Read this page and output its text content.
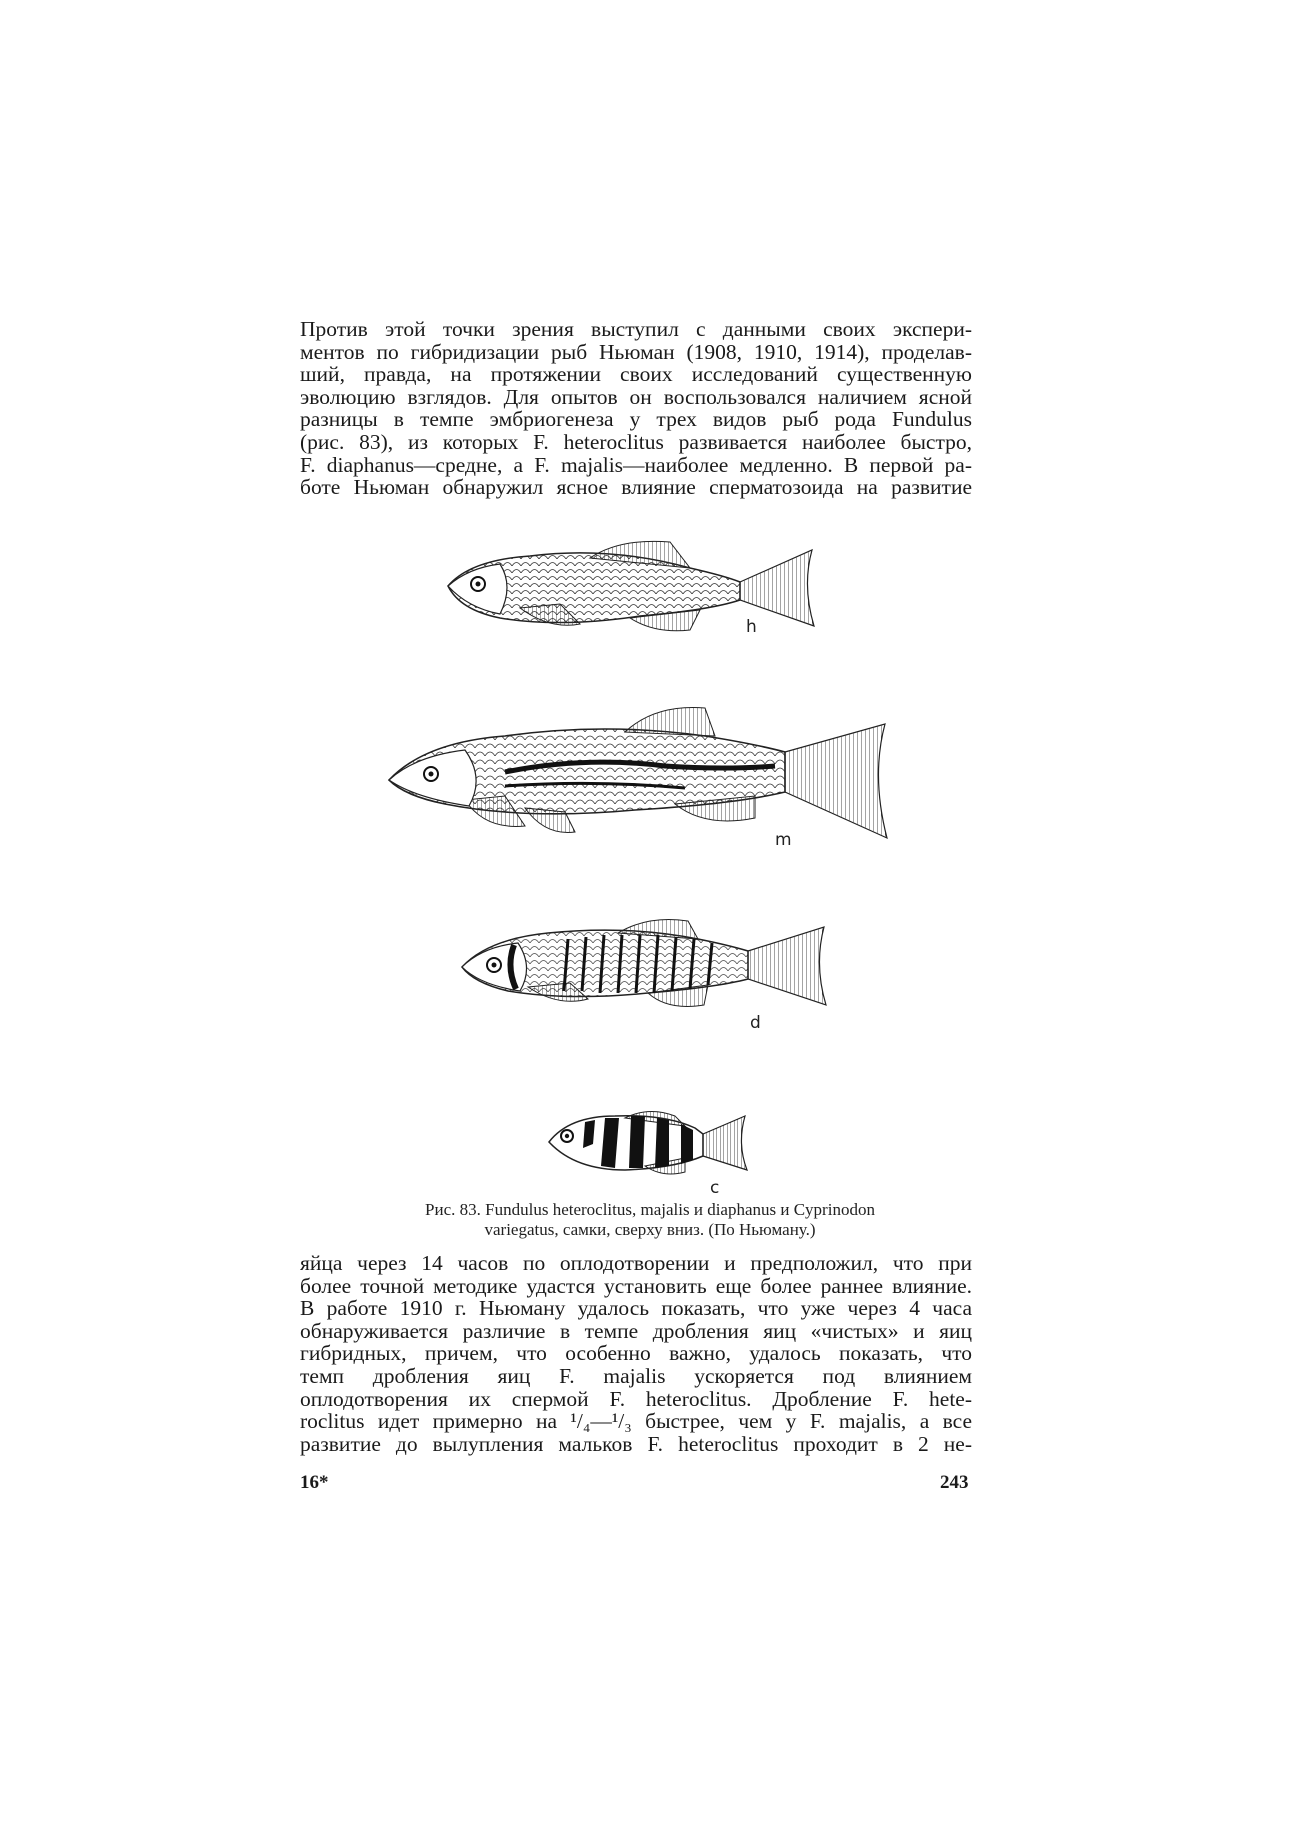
Против этой точки зрения выступил с данными своих экспери-
ментов по гибридизации рыб Ньюман (1908, 1910, 1914), проделав-
ший, правда, на протяжении своих исследований существенную
эволюцию взглядов. Для опытов он воспользовался наличием ясной
разницы в темпе эмбриогенеза у трех видов рыб рода Fundulus
(рис. 83), из которых F. heteroclitus развивается наиболее быстро,
F. diaphanus—средне, а F. majalis—наиболее медленно. В первой ра-
боте Ньюман обнаружил ясное влияние сперматозоида на развитие

h
m
d
c
Рис. 83. Fundulus heteroclitus, majalis и diaphanus и Cyprinodon
variegatus, самки, сверху вниз. (По Ньюману.)

яйца через 14 часов по оплодотворении и предположил, что при
более точной методике удастся установить еще более раннее влияние.
В работе 1910 г. Ньюману удалось показать, что уже через 4 часа
обнаруживается различие в темпе дробления яиц «чистых» и яиц
гибридных, причем, что особенно важно, удалось показать, что
темп дробления яиц F. majalis ускоряется под влиянием
оплодотворения их спермой F. heteroclitus. Дробление F. hete-
roclitus идет примерно на ¹/₄—¹/₃ быстрее, чем у F. majalis, а все
развитие до вылупления мальков F. heteroclitus проходит в 2 не-

16*	243
